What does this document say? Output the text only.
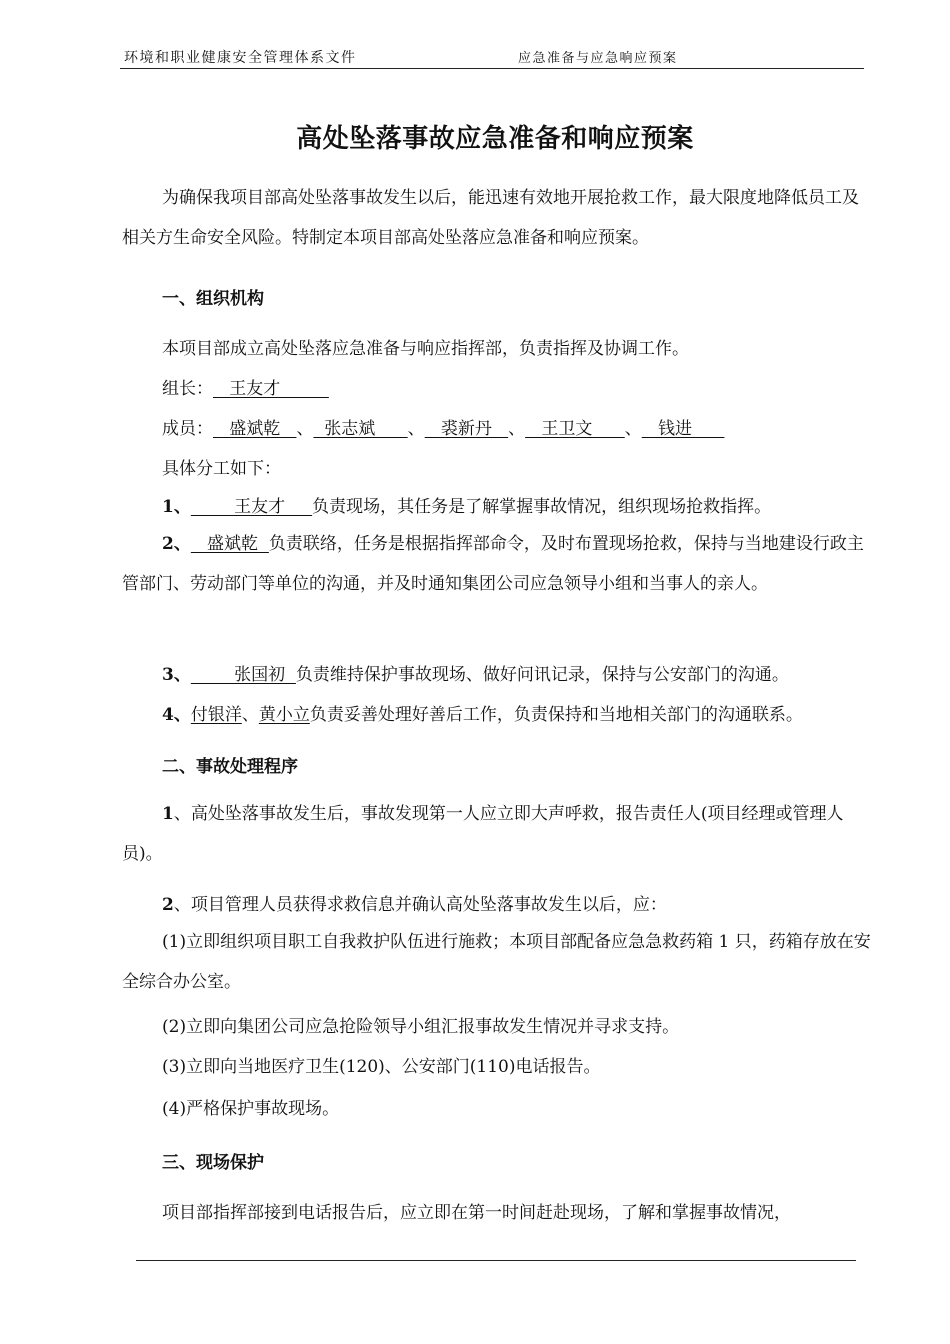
环境和职业健康安全管理体系文件	应急准备与应急响应预案
高处坠落事故应急准备和响应预案

为确保我项目部高处坠落事故发生以后，能迅速有效地开展抢救工作，最大限度地降低员工及相关方生命安全风险。特制定本项目部高处坠落应急准备和响应预案。

一、组织机构

本项目部成立高处坠落应急准备与响应指挥部，负责指挥及协调工作。

组长：   王友才

成员：   盛斌乾   、  张志斌      、   裘新丹   、   王卫文      、   钱进

具体分工如下：

1、        王友才     负责现场，其任务是了解掌握事故情况，组织现场抢救指挥。

2、   盛斌乾  负责联络，任务是根据指挥部命令，及时布置现场抢救，保持与当地建设行政主管部门、劳动部门等单位的沟通，并及时通知集团公司应急领导小组和当事人的亲人。

3、        张国初  负责维持保护事故现场、做好问讯记录，保持与公安部门的沟通。

4、付银洋、黄小立负责妥善处理好善后工作，负责保持和当地相关部门的沟通联系。

二、事故处理程序

1、高处坠落事故发生后，事故发现第一人应立即大声呼救，报告责任人(项目经理或管理人员)。

2、项目管理人员获得求救信息并确认高处坠落事故发生以后，应：

(1)立即组织项目职工自我救护队伍进行施救；本项目部配备应急急救药箱 1 只，药箱存放在安全综合办公室。

(2)立即向集团公司应急抢险领导小组汇报事故发生情况并寻求支持。

(3)立即向当地医疗卫生(120)、公安部门(110)电话报告。

(4)严格保护事故现场。

三、现场保护

项目部指挥部接到电话报告后，应立即在第一时间赶赴现场，了解和掌握事故情况，
